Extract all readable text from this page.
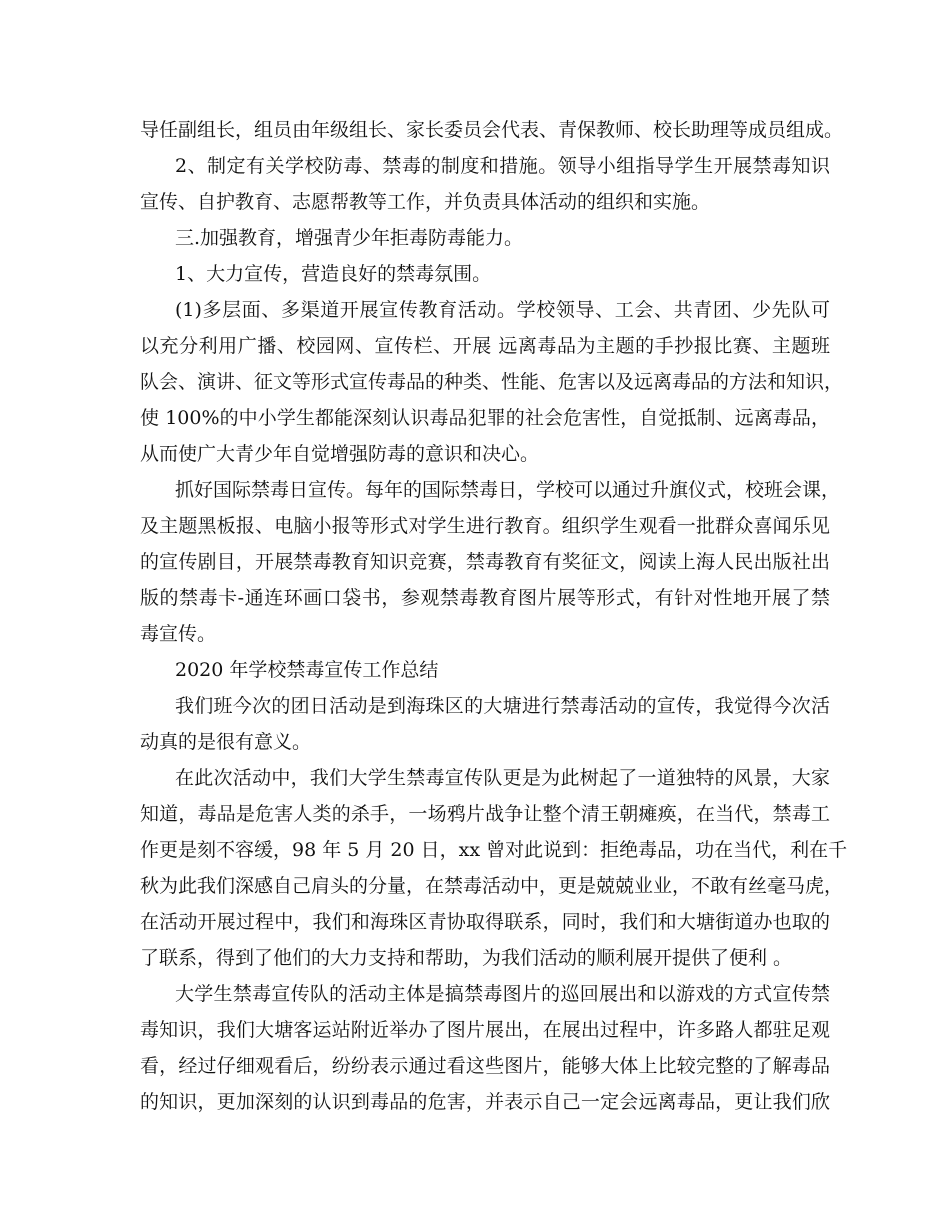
导任副组长，组员由年级组长、家长委员会代表、青保教师、校长助理等成员组成。
2、制定有关学校防毒、禁毒的制度和措施。领导小组指导学生开展禁毒知识
宣传、自护教育、志愿帮教等工作，并负责具体活动的组织和实施。
三.加强教育，增强青少年拒毒防毒能力。
1、大力宣传，营造良好的禁毒氛围。
(1)多层面、多渠道开展宣传教育活动。学校领导、工会、共青团、少先队可
以充分利用广播、校园网、宣传栏、开展 远离毒品为主题的手抄报比赛、主题班
队会、演讲、征文等形式宣传毒品的种类、性能、危害以及远离毒品的方法和知识，
使 100%的中小学生都能深刻认识毒品犯罪的社会危害性，自觉抵制、远离毒品，
从而使广大青少年自觉增强防毒的意识和决心。
抓好国际禁毒日宣传。每年的国际禁毒日，学校可以通过升旗仪式，校班会课，
及主题黑板报、电脑小报等形式对学生进行教育。组织学生观看一批群众喜闻乐见
的宣传剧目，开展禁毒教育知识竞赛，禁毒教育有奖征文，阅读上海人民出版社出
版的禁毒卡-通连环画口袋书，参观禁毒教育图片展等形式，有针对性地开展了禁
毒宣传。
2020 年学校禁毒宣传工作总结
我们班今次的团日活动是到海珠区的大塘进行禁毒活动的宣传，我觉得今次活
动真的是很有意义。
在此次活动中，我们大学生禁毒宣传队更是为此树起了一道独特的风景，大家
知道，毒品是危害人类的杀手，一场鸦片战争让整个清王朝瘫痪，在当代，禁毒工
作更是刻不容缓，98 年 5 月 20 日，xx 曾对此说到：拒绝毒品，功在当代，利在千
秋为此我们深感自己肩头的分量，在禁毒活动中，更是兢兢业业，不敢有丝毫马虎，
在活动开展过程中，我们和海珠区青协取得联系，同时，我们和大塘街道办也取的
了联系，得到了他们的大力支持和帮助，为我们活动的顺利展开提供了便利 。
大学生禁毒宣传队的活动主体是搞禁毒图片的巡回展出和以游戏的方式宣传禁
毒知识，我们大塘客运站附近举办了图片展出，在展出过程中，许多路人都驻足观
看，经过仔细观看后，纷纷表示通过看这些图片，能够大体上比较完整的了解毒品
的知识，更加深刻的认识到毒品的危害，并表示自己一定会远离毒品，更让我们欣
